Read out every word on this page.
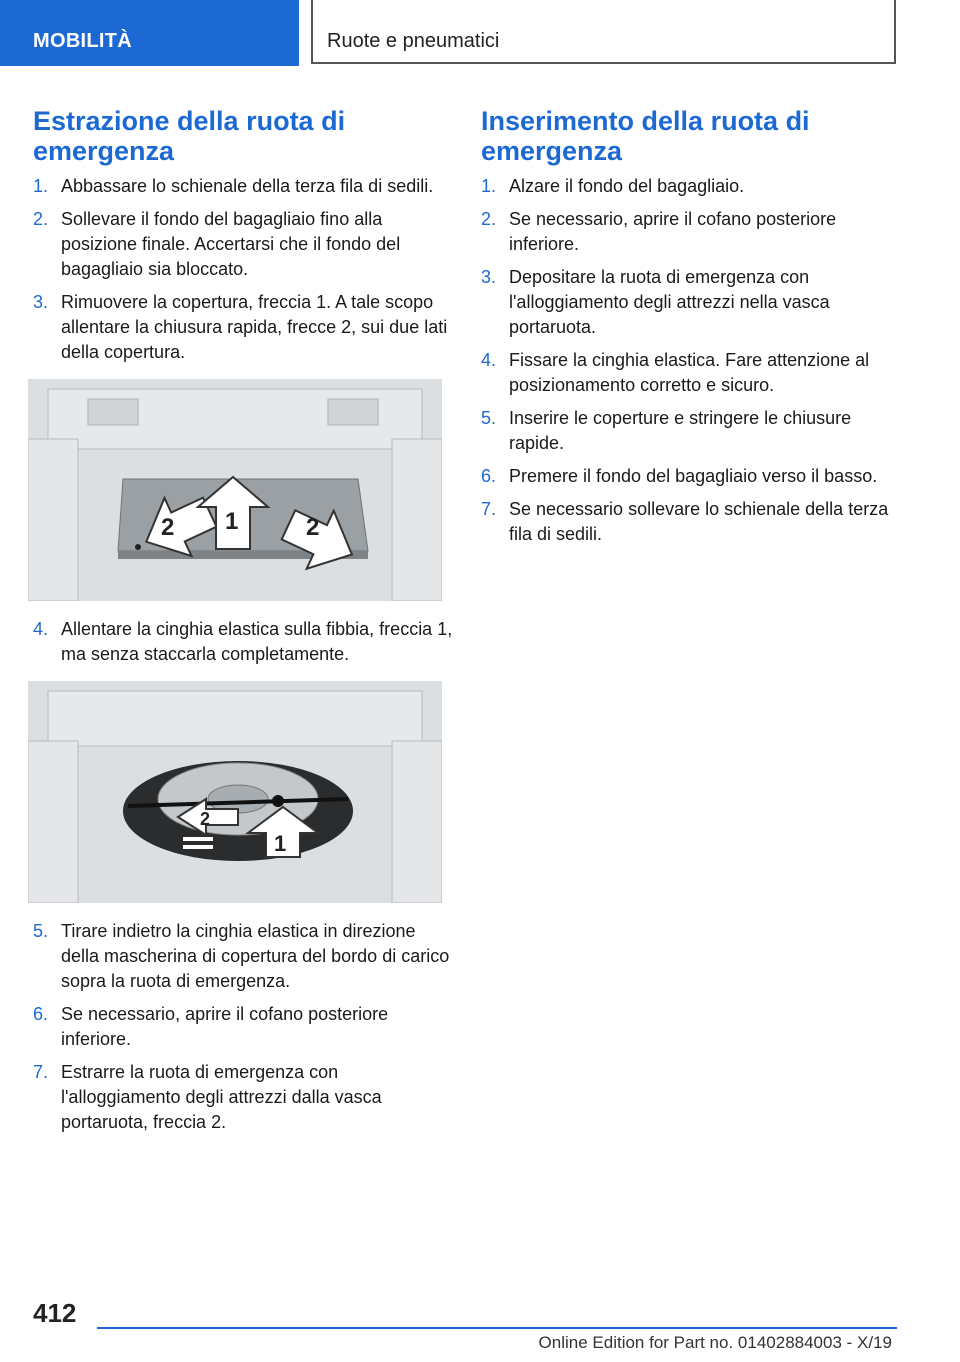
MOBILITÀ	Ruote e pneumatici
Estrazione della ruota di emergenza
1. Abbassare lo schienale della terza fila di sedili.
2. Sollevare il fondo del bagagliaio fino alla posizione finale. Accertarsi che il fondo del bagagliaio sia bloccato.
3. Rimuovere la copertura, freccia 1. A tale scopo allentare la chiusura rapida, frecce 2, sui due lati della copertura.
2 1	2
4. Allentare la cinghia elastica sulla fibbia, freccia 1, ma senza staccarla completamente.
1
2
5. Tirare indietro la cinghia elastica in direzione della mascherina di copertura del bordo di carico sopra la ruota di emergenza.
6. Se necessario, aprire il cofano posteriore inferiore.
7. Estrarre la ruota di emergenza con l'alloggiamento degli attrezzi dalla vasca portaruota, freccia 2.
Inserimento della ruota di emergenza
1. Alzare il fondo del bagagliaio.
2. Se necessario, aprire il cofano posteriore inferiore.
3. Depositare la ruota di emergenza con l'alloggiamento degli attrezzi nella vasca portaruota.
4. Fissare la cinghia elastica. Fare attenzione al posizionamento corretto e sicuro.
5. Inserire le coperture e stringere le chiusure rapide.
6. Premere il fondo del bagagliaio verso il basso.
7. Se necessario sollevare lo schienale della terza fila di sedili.
412
Online Edition for Part no. 01402884003 - X/19
